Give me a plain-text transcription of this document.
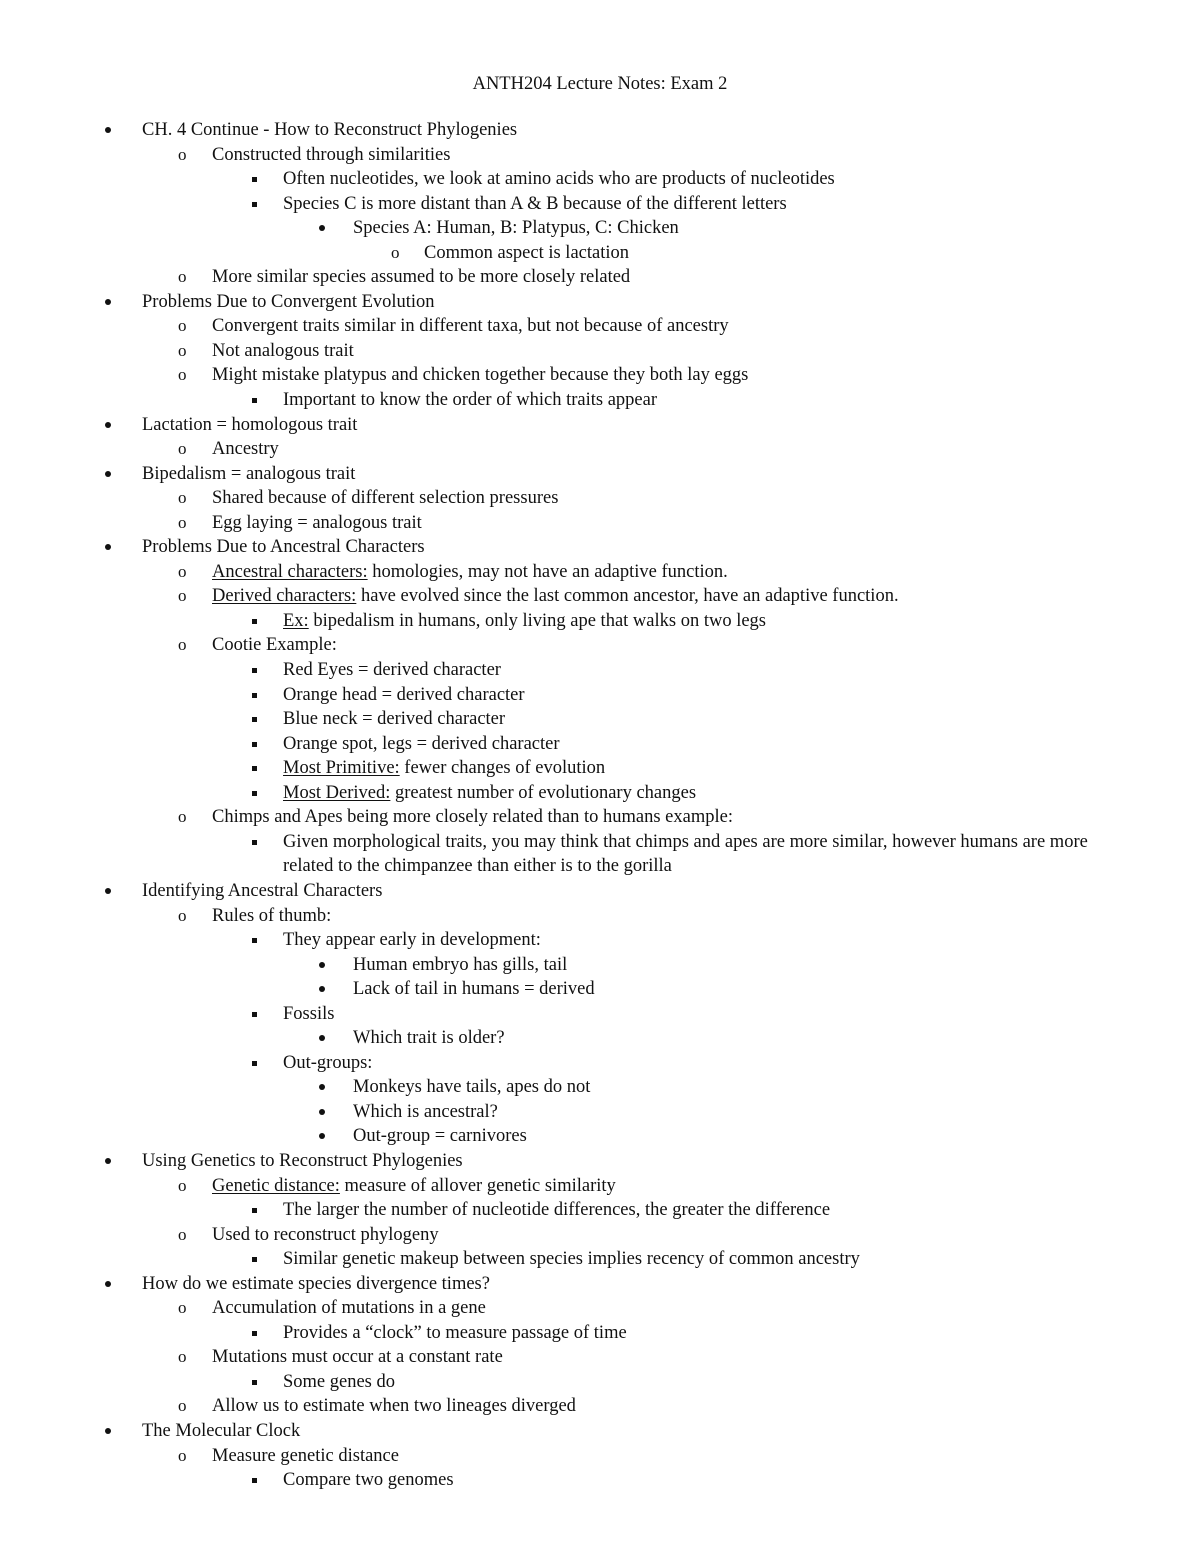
ANTH204 Lecture Notes: Exam 2
CH. 4 Continue - How to Reconstruct Phylogenies
o	Constructed through similarities
Often nucleotides, we look at amino acids who are products of nucleotides
Species C is more distant than A & B because of the different letters
Species A: Human, B: Platypus, C: Chicken
o	Common aspect is lactation
o	More similar species assumed to be more closely related
Problems Due to Convergent Evolution
o	Convergent traits similar in different taxa, but not because of ancestry
o	Not analogous trait
o	Might mistake platypus and chicken together because they both lay eggs
Important to know the order of which traits appear
Lactation = homologous trait
o	Ancestry
Bipedalism = analogous trait
o	Shared because of different selection pressures
o	Egg laying = analogous trait
Problems Due to Ancestral Characters
o	Ancestral characters: homologies, may not have an adaptive function.
o	Derived characters: have evolved since the last common ancestor, have an adaptive function.
Ex: bipedalism in humans, only living ape that walks on two legs
o	Cootie Example:
Red Eyes = derived character
Orange head = derived character
Blue neck = derived character
Orange spot, legs = derived character
Most Primitive: fewer changes of evolution
Most Derived: greatest number of evolutionary changes
o	Chimps and Apes being more closely related than to humans example:
Given morphological traits, you may think that chimps and apes are more similar, however humans are more related to the chimpanzee than either is to the gorilla
Identifying Ancestral Characters
o	Rules of thumb:
They appear early in development:
Human embryo has gills, tail
Lack of tail in humans = derived
Fossils
Which trait is older?
Out-groups:
Monkeys have tails, apes do not
Which is ancestral?
Out-group = carnivores
Using Genetics to Reconstruct Phylogenies
o	Genetic distance: measure of allover genetic similarity
The larger the number of nucleotide differences, the greater the difference
o	Used to reconstruct phylogeny
Similar genetic makeup between species implies recency of common ancestry
How do we estimate species divergence times?
o	Accumulation of mutations in a gene
Provides a “clock” to measure passage of time
o	Mutations must occur at a constant rate
Some genes do
o	Allow us to estimate when two lineages diverged
The Molecular Clock
o	Measure genetic distance
Compare two genomes
